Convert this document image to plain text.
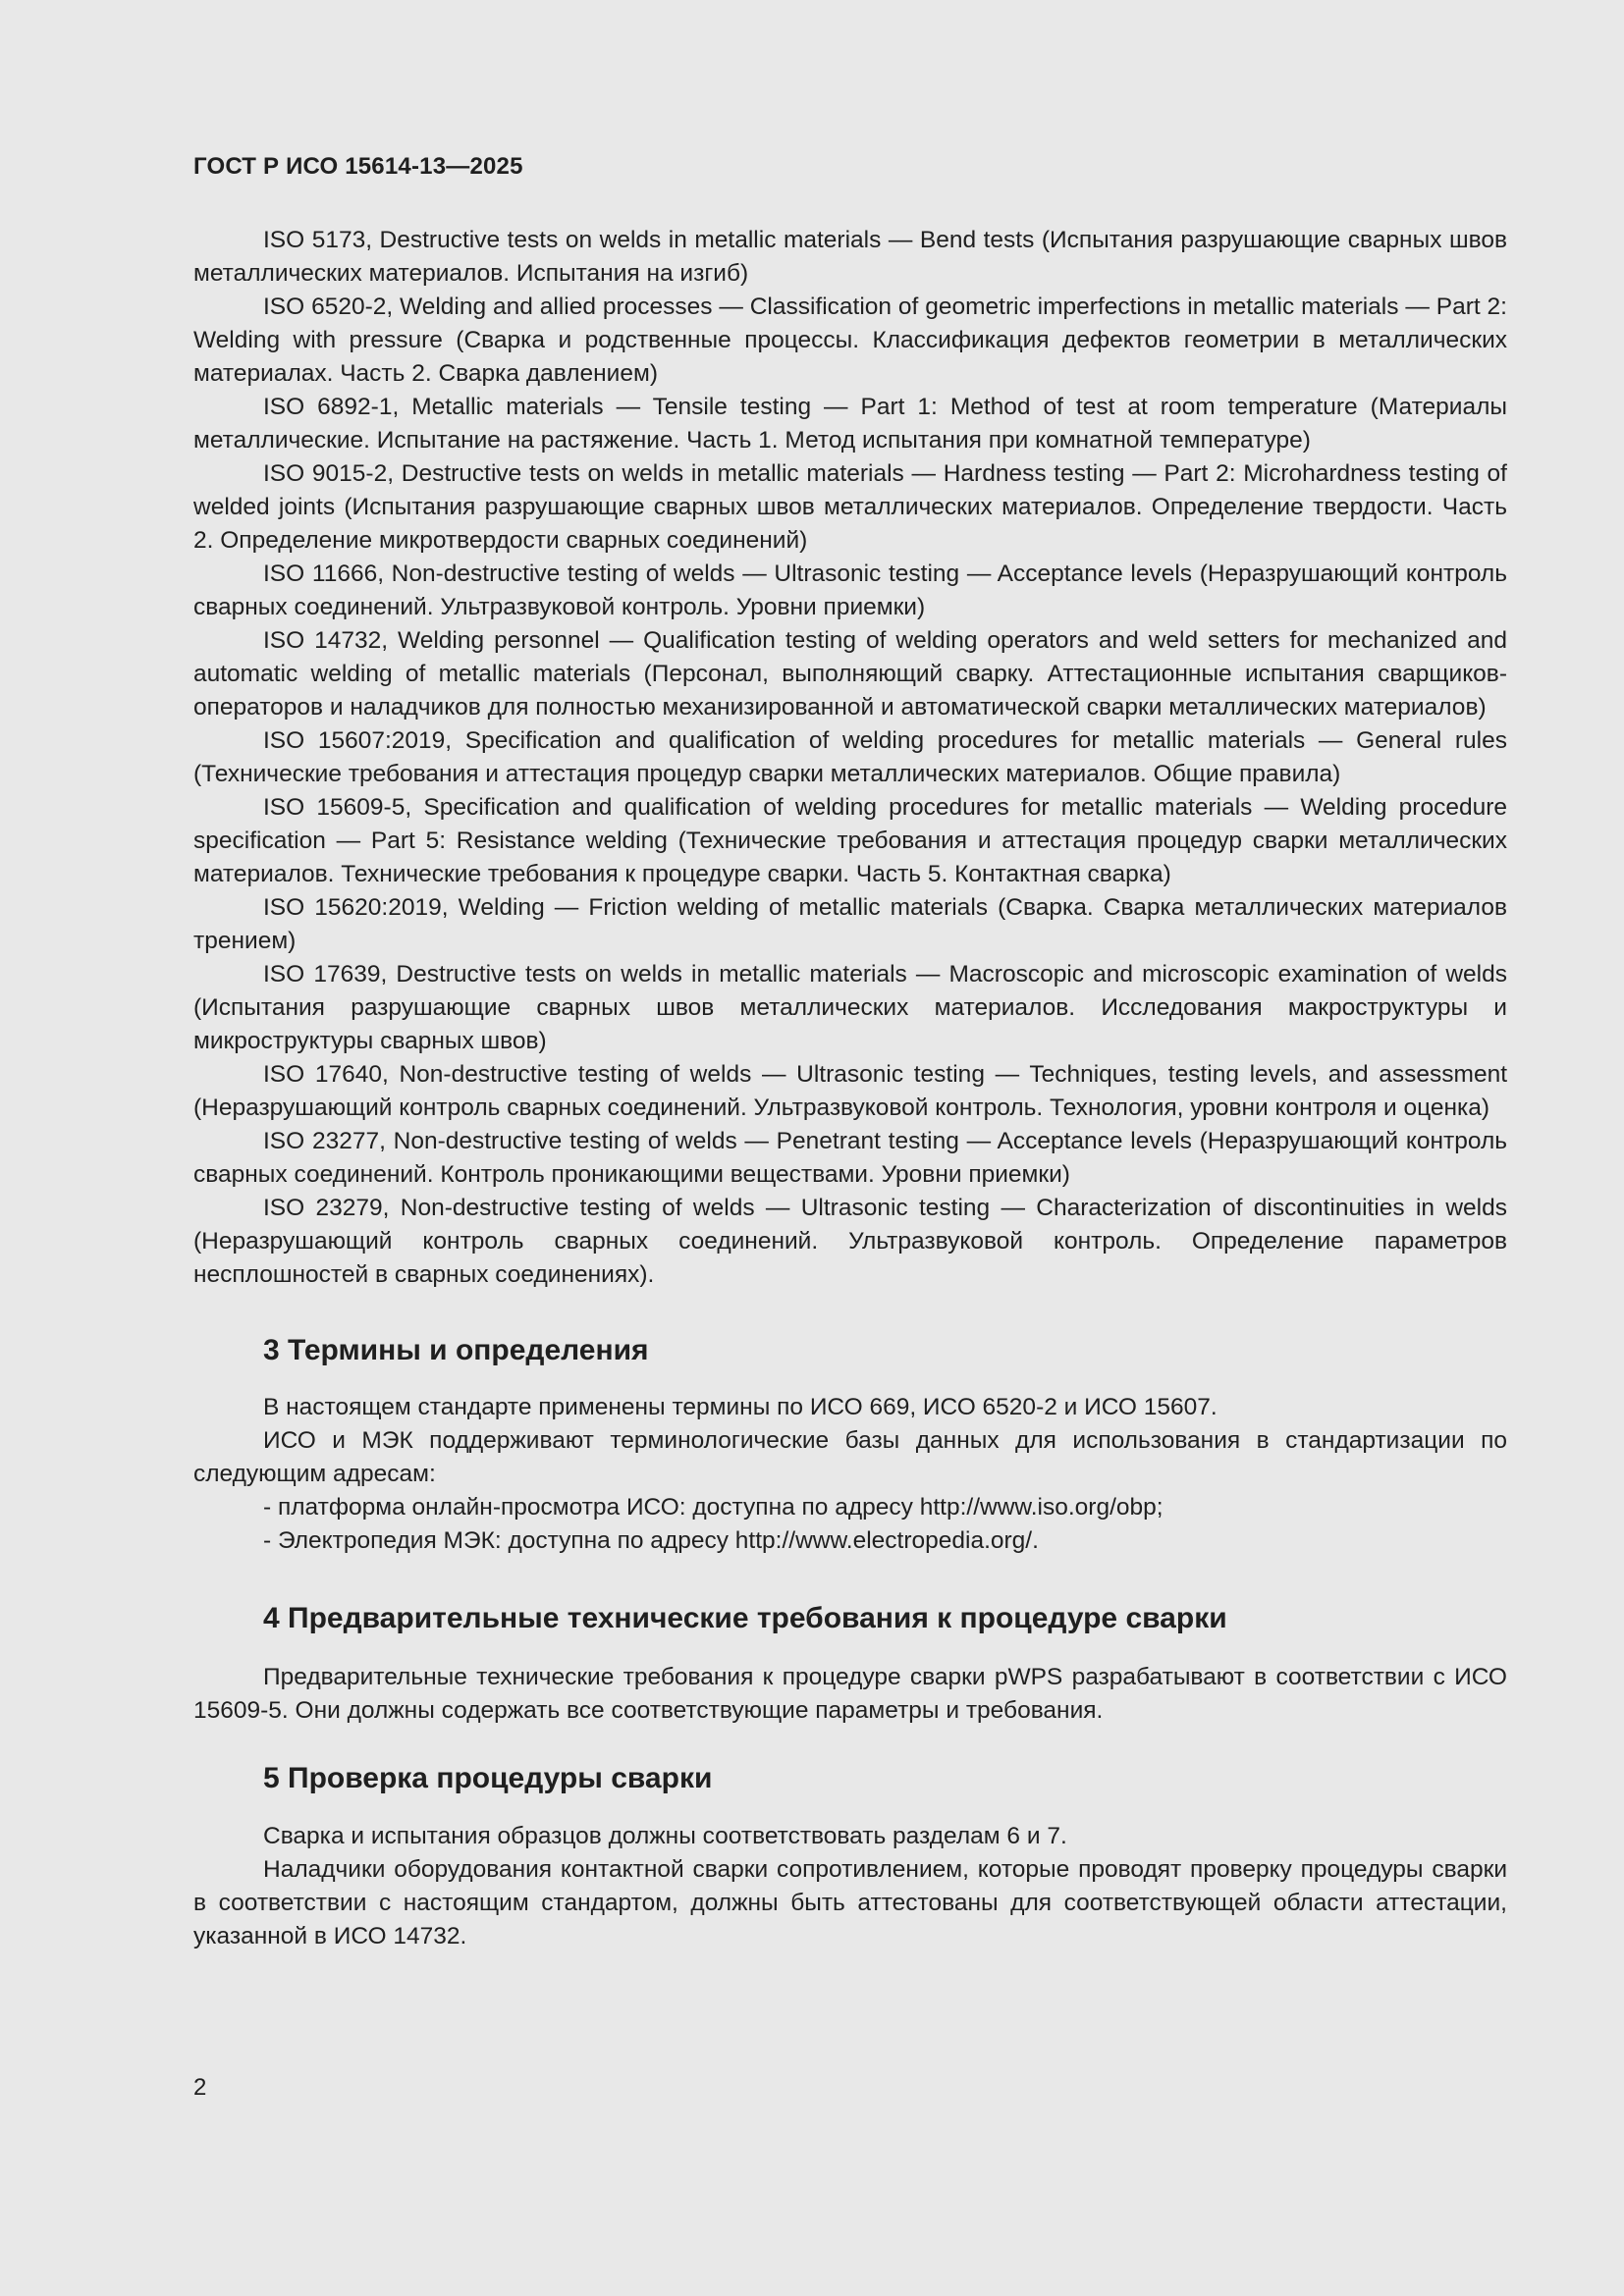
ГОСТ Р ИСО 15614-13—2025

ISO 5173, Destructive tests on welds in metallic materials — Bend tests (Испытания разрушающие сварных швов металлических материалов. Испытания на изгиб)

ISO 6520-2, Welding and allied processes — Classification of geometric imperfections in metallic materials — Part 2: Welding with pressure (Сварка и родственные процессы. Классификация дефектов геометрии в металлических материалах. Часть 2. Сварка давлением)

ISO 6892-1, Metallic materials — Tensile testing — Part 1: Method of test at room temperature (Материалы металлические. Испытание на растяжение. Часть 1. Метод испытания при комнатной температуре)

ISO 9015-2, Destructive tests on welds in metallic materials — Hardness testing — Part 2: Microhardness testing of welded joints (Испытания разрушающие сварных швов металлических материалов. Определение твердости. Часть 2. Определение микротвердости сварных соединений)

ISO 11666, Non-destructive testing of welds — Ultrasonic testing — Acceptance levels (Неразрушающий контроль сварных соединений. Ультразвуковой контроль. Уровни приемки)

ISO 14732, Welding personnel — Qualification testing of welding operators and weld setters for mechanized and automatic welding of metallic materials (Персонал, выполняющий сварку. Аттестационные испытания сварщиков-операторов и наладчиков для полностью механизированной и автоматической сварки металлических материалов)

ISO 15607:2019, Specification and qualification of welding procedures for metallic materials — General rules (Технические требования и аттестация процедур сварки металлических материалов. Общие правила)

ISO 15609-5, Specification and qualification of welding procedures for metallic materials — Welding procedure specification — Part 5: Resistance welding (Технические требования и аттестация процедур сварки металлических материалов. Технические требования к процедуре сварки. Часть 5. Контактная сварка)

ISO 15620:2019, Welding — Friction welding of metallic materials (Сварка. Сварка металлических материалов трением)

ISO 17639, Destructive tests on welds in metallic materials — Macroscopic and microscopic examination of welds (Испытания разрушающие сварных швов металлических материалов. Исследования макроструктуры и микроструктуры сварных швов)

ISO 17640, Non-destructive testing of welds — Ultrasonic testing — Techniques, testing levels, and assessment (Неразрушающий контроль сварных соединений. Ультразвуковой контроль. Технология, уровни контроля и оценка)

ISO 23277, Non-destructive testing of welds — Penetrant testing — Acceptance levels (Неразрушающий контроль сварных соединений. Контроль проникающими веществами. Уровни приемки)

ISO 23279, Non-destructive testing of welds — Ultrasonic testing — Characterization of discontinuities in welds (Неразрушающий контроль сварных соединений. Ультразвуковой контроль. Определение параметров несплошностей в сварных соединениях).

3 Термины и определения

В настоящем стандарте применены термины по ИСО 669, ИСО 6520-2 и ИСО 15607.

ИСО и МЭК поддерживают терминологические базы данных для использования в стандартизации по следующим адресам:

- платформа онлайн-просмотра ИСО: доступна по адресу http://www.iso.org/obp;

- Электропедия МЭК: доступна по адресу http://www.electropedia.org/.

4 Предварительные технические требования к процедуре сварки

Предварительные технические требования к процедуре сварки pWPS разрабатывают в соответствии с ИСО 15609-5. Они должны содержать все соответствующие параметры и требования.

5 Проверка процедуры сварки

Сварка и испытания образцов должны соответствовать разделам 6 и 7.

Наладчики оборудования контактной сварки сопротивлением, которые проводят проверку процедуры сварки в соответствии с настоящим стандартом, должны быть аттестованы для соответствующей области аттестации, указанной в ИСО 14732.

2
